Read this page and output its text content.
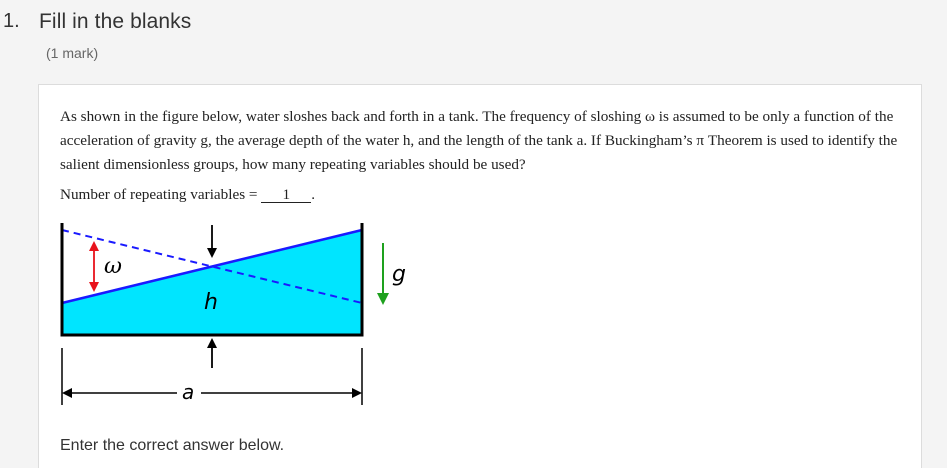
1. Fill in the blanks
(1 mark)
As shown in the figure below, water sloshes back and forth in a tank. The frequency of sloshing ω is assumed to be only a function of the acceleration of gravity g, the average depth of the water h, and the length of the tank a. If Buckingham’s π Theorem is used to identify the salient dimensionless groups, how many repeating variables should be used?
Number of repeating variables = 1 .
ω
h
a
g
Enter the correct answer below.
